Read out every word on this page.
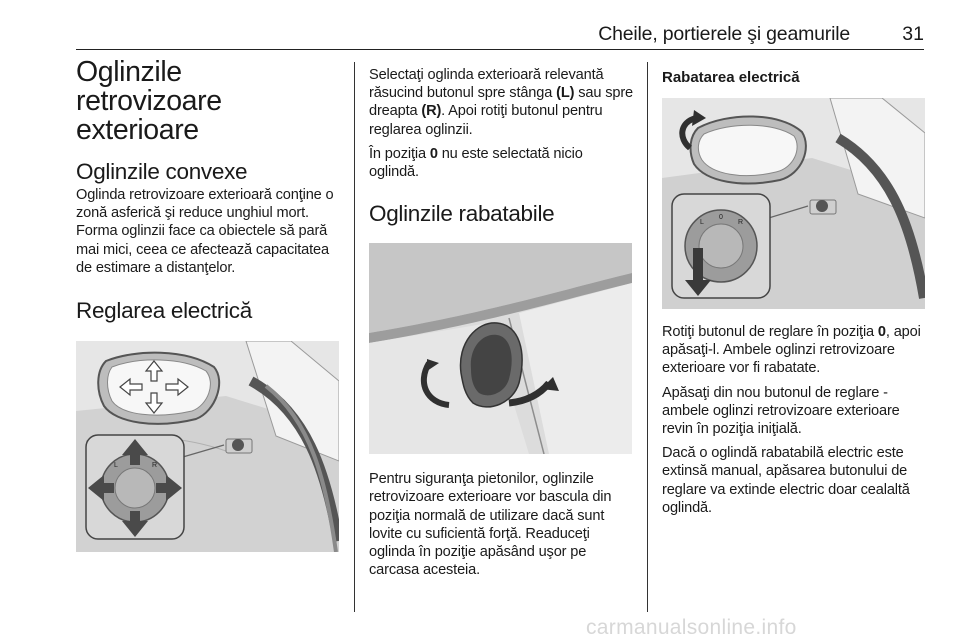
Cheile, portierele şi geamurile	31
Oglinzile retrovizoare exterioare
Oglinzile convexe

Oglinda retrovizoare exterioară conţine o zonă asferică şi reduce unghiul mort. Forma oglinzii face ca obiectele să pară mai mici, ceea ce afectează capacitatea de estimare a distanţelor.

Reglarea electrică
L	R

Selectaţi oglinda exterioară relevantă răsucind butonul spre stânga (L) sau spre dreapta (R). Apoi rotiţi butonul pentru reglarea oglinzii.

În poziţia 0 nu este selectată nicio oglindă.

Oglinzile rabatabile

Pentru siguranţa pietonilor, oglinzile retrovizoare exterioare vor bascula din poziţia normală de utilizare dacă sunt lovite cu suficientă forţă. Readuceţi oglinda în poziţie apăsând uşor pe carcasa acesteia.

Rabatarea electrică
L
0
R

Rotiţi butonul de reglare în poziţia 0, apoi apăsaţi-l. Ambele oglinzi retrovizoare exterioare vor fi rabatate.

Apăsaţi din nou butonul de reglare - ambele oglinzi retrovizoare exterioare revin în poziţia iniţială.

Dacă o oglindă rabatabilă electric este extinsă manual, apăsarea butonului de reglare va extinde electric doar cealaltă oglindă.

carmanualsonline.info
